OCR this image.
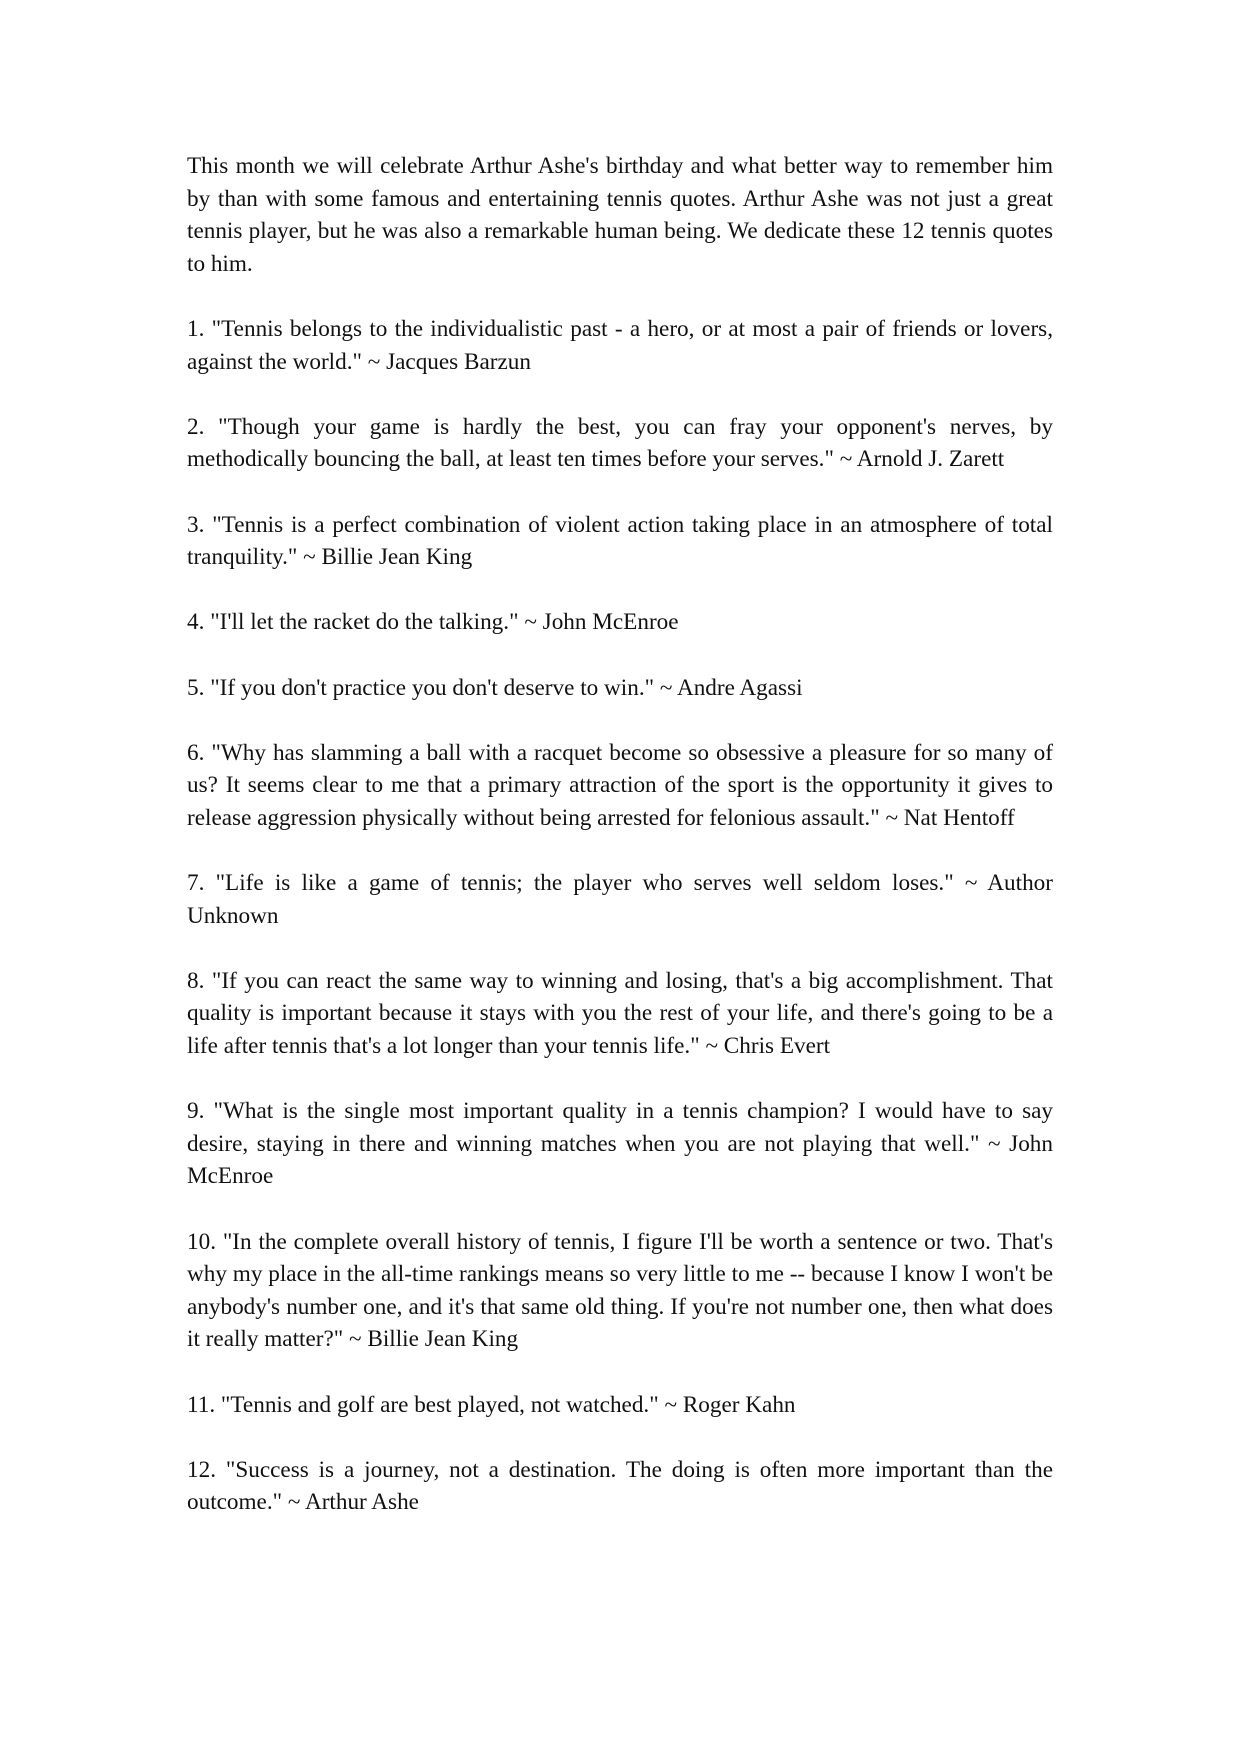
This month we will celebrate Arthur Ashe's birthday and what better way to remember him by than with some famous and entertaining tennis quotes. Arthur Ashe was not just a great tennis player, but he was also a remarkable human being. We dedicate these 12 tennis quotes to him.

1. "Tennis belongs to the individualistic past - a hero, or at most a pair of friends or lovers, against the world." ~ Jacques Barzun

2. "Though your game is hardly the best, you can fray your opponent's nerves, by methodically bouncing the ball, at least ten times before your serves." ~ Arnold J. Zarett

3. "Tennis is a perfect combination of violent action taking place in an atmosphere of total tranquility." ~ Billie Jean King

4. "I'll let the racket do the talking." ~ John McEnroe

5. "If you don't practice you don't deserve to win." ~ Andre Agassi

6. "Why has slamming a ball with a racquet become so obsessive a pleasure for so many of us? It seems clear to me that a primary attraction of the sport is the opportunity it gives to release aggression physically without being arrested for felonious assault." ~ Nat Hentoff

7. "Life is like a game of tennis; the player who serves well seldom loses." ~ Author Unknown

8. "If you can react the same way to winning and losing, that's a big accomplishment. That quality is important because it stays with you the rest of your life, and there's going to be a life after tennis that's a lot longer than your tennis life." ~ Chris Evert

9. "What is the single most important quality in a tennis champion? I would have to say desire, staying in there and winning matches when you are not playing that well." ~ John McEnroe

10. "In the complete overall history of tennis, I figure I'll be worth a sentence or two. That's why my place in the all-time rankings means so very little to me -- because I know I won't be anybody's number one, and it's that same old thing. If you're not number one, then what does it really matter?" ~ Billie Jean King

11. "Tennis and golf are best played, not watched." ~ Roger Kahn

12. "Success is a journey, not a destination. The doing is often more important than the outcome." ~ Arthur Ashe
